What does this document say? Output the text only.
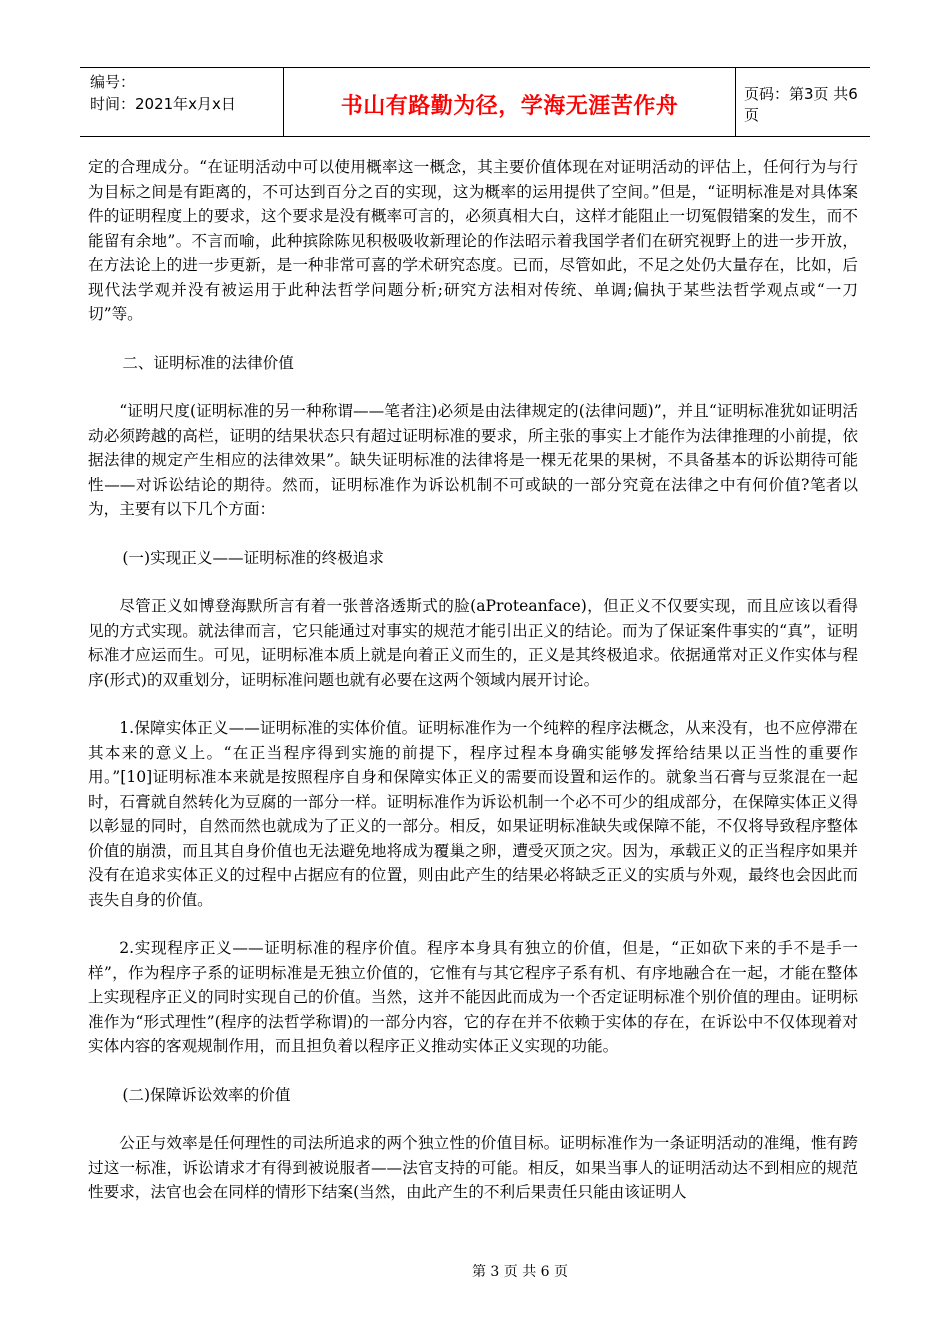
编号：
时间：2021年x月x日	书山有路勤为径，学海无涯苦作舟	页码：第3页 共6页

定的合理成分。“在证明活动中可以使用概率这一概念，其主要价值体现在对证明活动的评估上，任何行为与行为目标之间是有距离的，不可达到百分之百的实现，这为概率的运用提供了空间。”但是，“证明标准是对具体案件的证明程度上的要求，这个要求是没有概率可言的，必须真相大白，这样才能阻止一切冤假错案的发生，而不能留有余地”。不言而喻，此种摈除陈见积极吸收新理论的作法昭示着我国学者们在研究视野上的进一步开放，在方法论上的进一步更新，是一种非常可喜的学术研究态度。已而，尽管如此，不足之处仍大量存在，比如，后现代法学观并没有被运用于此种法哲学问题分析;研究方法相对传统、单调;偏执于某些法哲学观点或“一刀切”等。

二、证明标准的法律价值

“证明尺度(证明标准的另一种称谓——笔者注)必须是由法律规定的(法律问题)”，并且“证明标准犹如证明活动必须跨越的高栏，证明的结果状态只有超过证明标准的要求，所主张的事实上才能作为法律推理的小前提，依据法律的规定产生相应的法律效果”。缺失证明标准的法律将是一棵无花果的果树，不具备基本的诉讼期待可能性——对诉讼结论的期待。然而，证明标准作为诉讼机制不可或缺的一部分究竟在法律之中有何价值?笔者以为，主要有以下几个方面：

(一)实现正义——证明标准的终极追求

尽管正义如博登海默所言有着一张普洛透斯式的脸(aProteanface)，但正义不仅要实现，而且应该以看得见的方式实现。就法律而言，它只能通过对事实的规范才能引出正义的结论。而为了保证案件事实的“真”，证明标准才应运而生。可见，证明标准本质上就是向着正义而生的，正义是其终极追求。依据通常对正义作实体与程序(形式)的双重划分，证明标准问题也就有必要在这两个领域内展开讨论。

1.保障实体正义——证明标准的实体价值。证明标准作为一个纯粹的程序法概念，从来没有，也不应停滞在其本来的意义上。“在正当程序得到实施的前提下，程序过程本身确实能够发挥给结果以正当性的重要作用。”[10]证明标准本来就是按照程序自身和保障实体正义的需要而设置和运作的。就象当石膏与豆浆混在一起时，石膏就自然转化为豆腐的一部分一样。证明标准作为诉讼机制一个必不可少的组成部分，在保障实体正义得以彰显的同时，自然而然也就成为了正义的一部分。相反，如果证明标准缺失或保障不能，不仅将导致程序整体价值的崩溃，而且其自身价值也无法避免地将成为覆巢之卵，遭受灭顶之灾。因为，承载正义的正当程序如果并没有在追求实体正义的过程中占据应有的位置，则由此产生的结果必将缺乏正义的实质与外观，最终也会因此而丧失自身的价值。

2.实现程序正义——证明标准的程序价值。程序本身具有独立的价值，但是，“正如砍下来的手不是手一样”，作为程序子系的证明标准是无独立价值的，它惟有与其它程序子系有机、有序地融合在一起，才能在整体上实现程序正义的同时实现自己的价值。当然，这并不能因此而成为一个否定证明标准个别价值的理由。证明标准作为“形式理性”(程序的法哲学称谓)的一部分内容，它的存在并不依赖于实体的存在，在诉讼中不仅体现着对实体内容的客观规制作用，而且担负着以程序正义推动实体正义实现的功能。

(二)保障诉讼效率的价值

公正与效率是任何理性的司法所追求的两个独立性的价值目标。证明标准作为一条证明活动的准绳，惟有跨过这一标准，诉讼请求才有得到被说服者——法官支持的可能。相反，如果当事人的证明活动达不到相应的规范性要求，法官也会在同样的情形下结案(当然，由此产生的不利后果责任只能由该证明人

第 3 页 共 6 页
